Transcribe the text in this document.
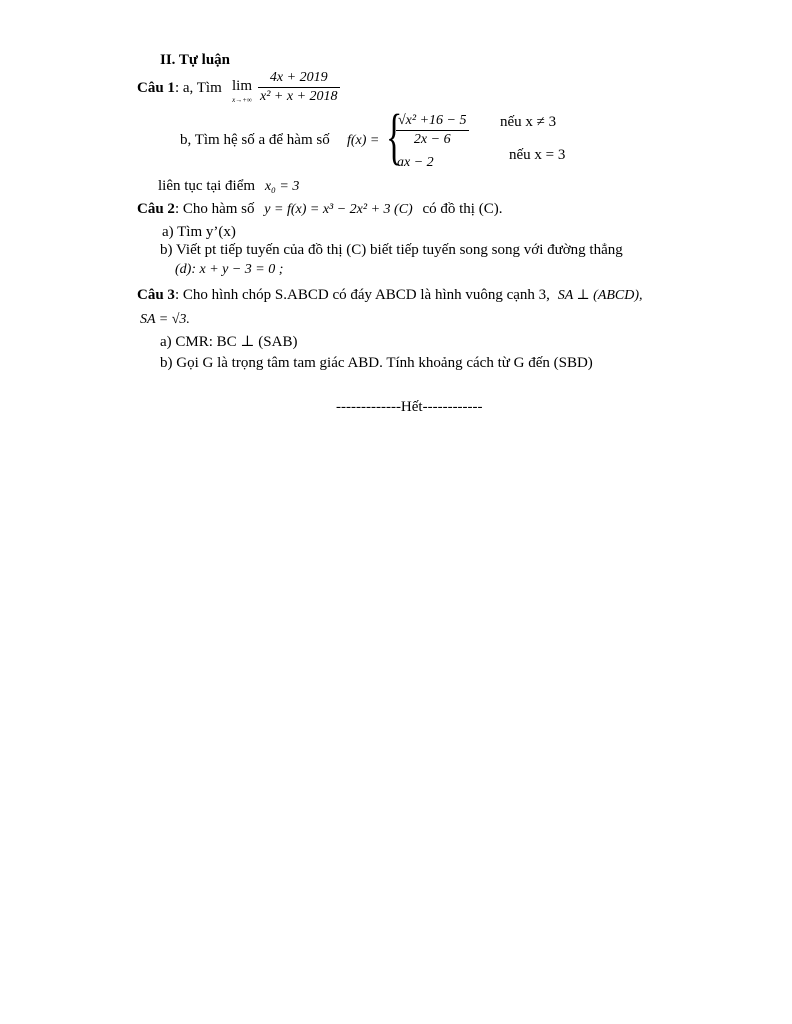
II. Tự luận
Câu 1: a, Tìm lim
$x\to+\infty \frac{4x + 2019}{\text{x² + x + 2018}}$
b, Tìm hệ số a để hàm số f(x) = {
$\frac{\text{√x² +16 − 5}}{2x - 6}$
ax − 2
nếu x ≠ 3
nếu x = 3
liên tục tại điểm x₀ = 3
Câu 2: Cho hàm số y = f(x) = x³ − 2x² + 3 (C) có đồ thị (C).
a) Tìm y’(x)
b) Viết pt tiếp tuyến của đồ thị (C) biết tiếp tuyến song song với đường thẳng
(d): x + y − 3 = 0 ;
Câu 3: Cho hình chóp S.ABCD có đáy ABCD là hình vuông cạnh 3, SA ⊥ (ABCD),
SA = √3.
a) CMR: BC ⊥ (SAB)
b) Gọi G là trọng tâm tam giác ABD. Tính khoảng cách từ G đến (SBD)
-------------Hết------------
